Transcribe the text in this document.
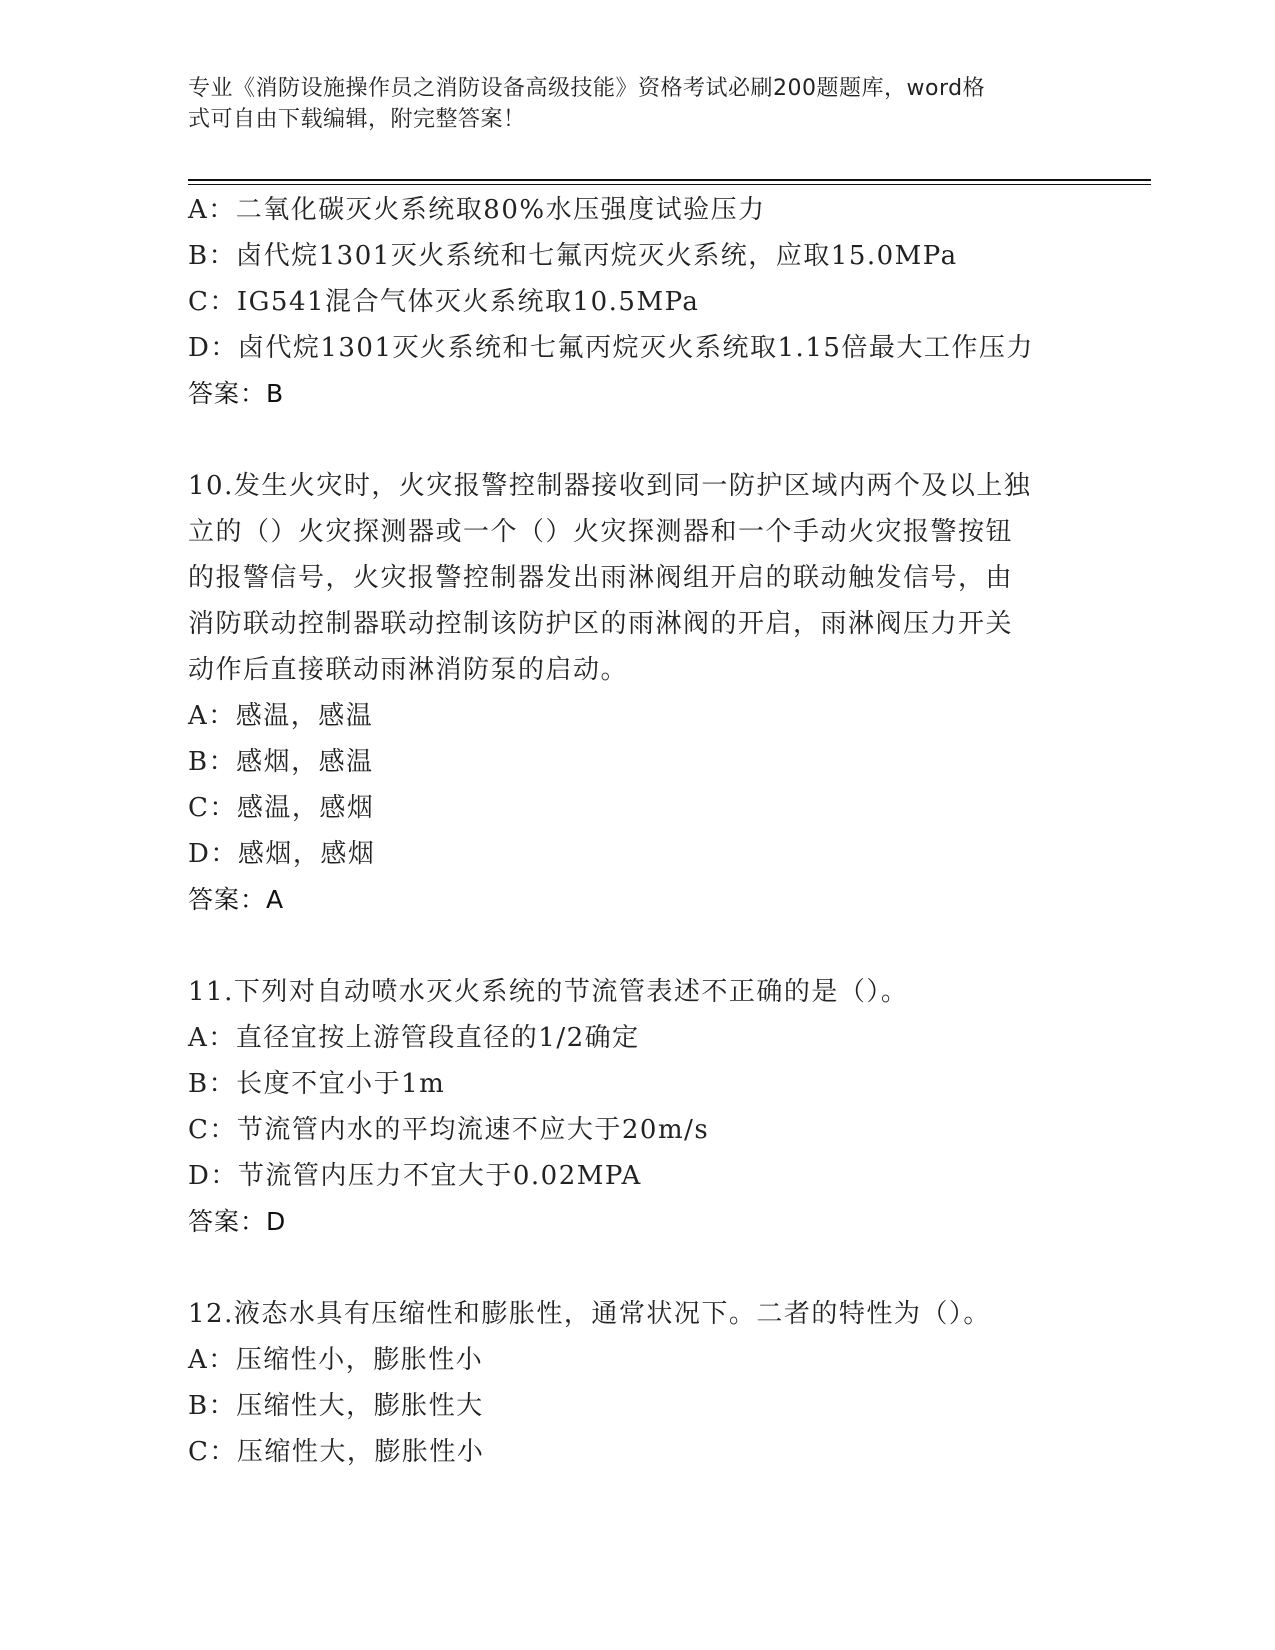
专业《消防设施操作员之消防设备高级技能》资格考试必刷200题题库，word格
式可自由下载编辑，附完整答案！
A：二氧化碳灭火系统取80%水压强度试验压力
B：卤代烷1301灭火系统和七氟丙烷灭火系统，应取15.0MPa
C：IG541混合气体灭火系统取10.5MPa
D：卤代烷1301灭火系统和七氟丙烷灭火系统取1.15倍最大工作压力
答案：B
10.发生火灾时，火灾报警控制器接收到同一防护区域内两个及以上独
立的（）火灾探测器或一个（）火灾探测器和一个手动火灾报警按钮
的报警信号，火灾报警控制器发出雨淋阀组开启的联动触发信号，由
消防联动控制器联动控制该防护区的雨淋阀的开启，雨淋阀压力开关
动作后直接联动雨淋消防泵的启动。
A：感温，感温
B：感烟，感温
C：感温，感烟
D：感烟，感烟
答案：A
11.下列对自动喷水灭火系统的节流管表述不正确的是（）。
A：直径宜按上游管段直径的1/2确定
B：长度不宜小于1m
C：节流管内水的平均流速不应大于20m/s
D：节流管内压力不宜大于0.02MPA
答案：D
12.液态水具有压缩性和膨胀性，通常状况下。二者的特性为（）。
A：压缩性小，膨胀性小
B：压缩性大，膨胀性大
C：压缩性大，膨胀性小
